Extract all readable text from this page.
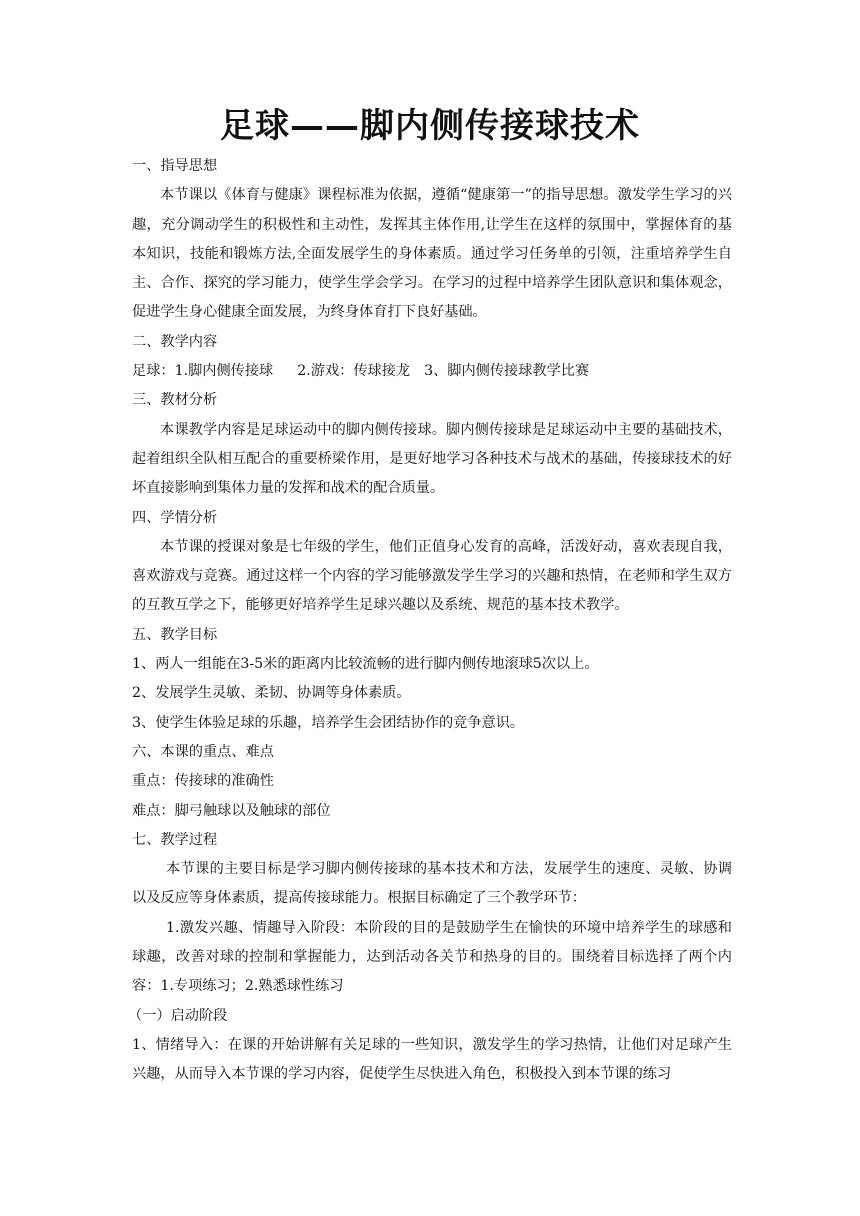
足球——脚内侧传接球技术

一、指导思想

本节课以《体育与健康》课程标准为依据，遵循“健康第一”的指导思想。激发学生学习的兴趣，充分调动学生的积极性和主动性，发挥其主体作用,让学生在这样的氛围中，掌握体育的基本知识，技能和锻炼方法,全面发展学生的身体素质。通过学习任务单的引领，注重培养学生自主、合作、探究的学习能力，使学生学会学习。在学习的过程中培养学生团队意识和集体观念，促进学生身心健康全面发展，为终身体育打下良好基础。

二、教学内容

足球：1.脚内侧传接球 2.游戏：传球接龙 3、脚内侧传接球教学比赛

三、教材分析

本课教学内容是足球运动中的脚内侧传接球。脚内侧传接球是足球运动中主要的基础技术，起着组织全队相互配合的重要桥梁作用，是更好地学习各种技术与战术的基础，传接球技术的好坏直接影响到集体力量的发挥和战术的配合质量。

四、学情分析

本节课的授课对象是七年级的学生，他们正值身心发育的高峰，活泼好动，喜欢表现自我，喜欢游戏与竞赛。通过这样一个内容的学习能够激发学生学习的兴趣和热情，在老师和学生双方的互教互学之下，能够更好培养学生足球兴趣以及系统、规范的基本技术教学。

五、教学目标

1、两人一组能在3-5米的距离内比较流畅的进行脚内侧传地滚球5次以上。

2、发展学生灵敏、柔韧、协调等身体素质。

3、使学生体验足球的乐趣，培养学生会团结协作的竞争意识。

六、本课的重点、难点

重点：传接球的准确性

难点：脚弓触球以及触球的部位

七、教学过程

本节课的主要目标是学习脚内侧传接球的基本技术和方法，发展学生的速度、灵敏、协调以及反应等身体素质，提高传接球能力。根据目标确定了三个教学环节：

1.激发兴趣、情趣导入阶段：本阶段的目的是鼓励学生在愉快的环境中培养学生的球感和球趣，改善对球的控制和掌握能力，达到活动各关节和热身的目的。围绕着目标选择了两个内容：1.专项练习；2.熟悉球性练习

（一）启动阶段

1、情绪导入：在课的开始讲解有关足球的一些知识，激发学生的学习热情，让他们对足球产生兴趣，从而导入本节课的学习内容，促使学生尽快进入角色，积极投入到本节课的练习
